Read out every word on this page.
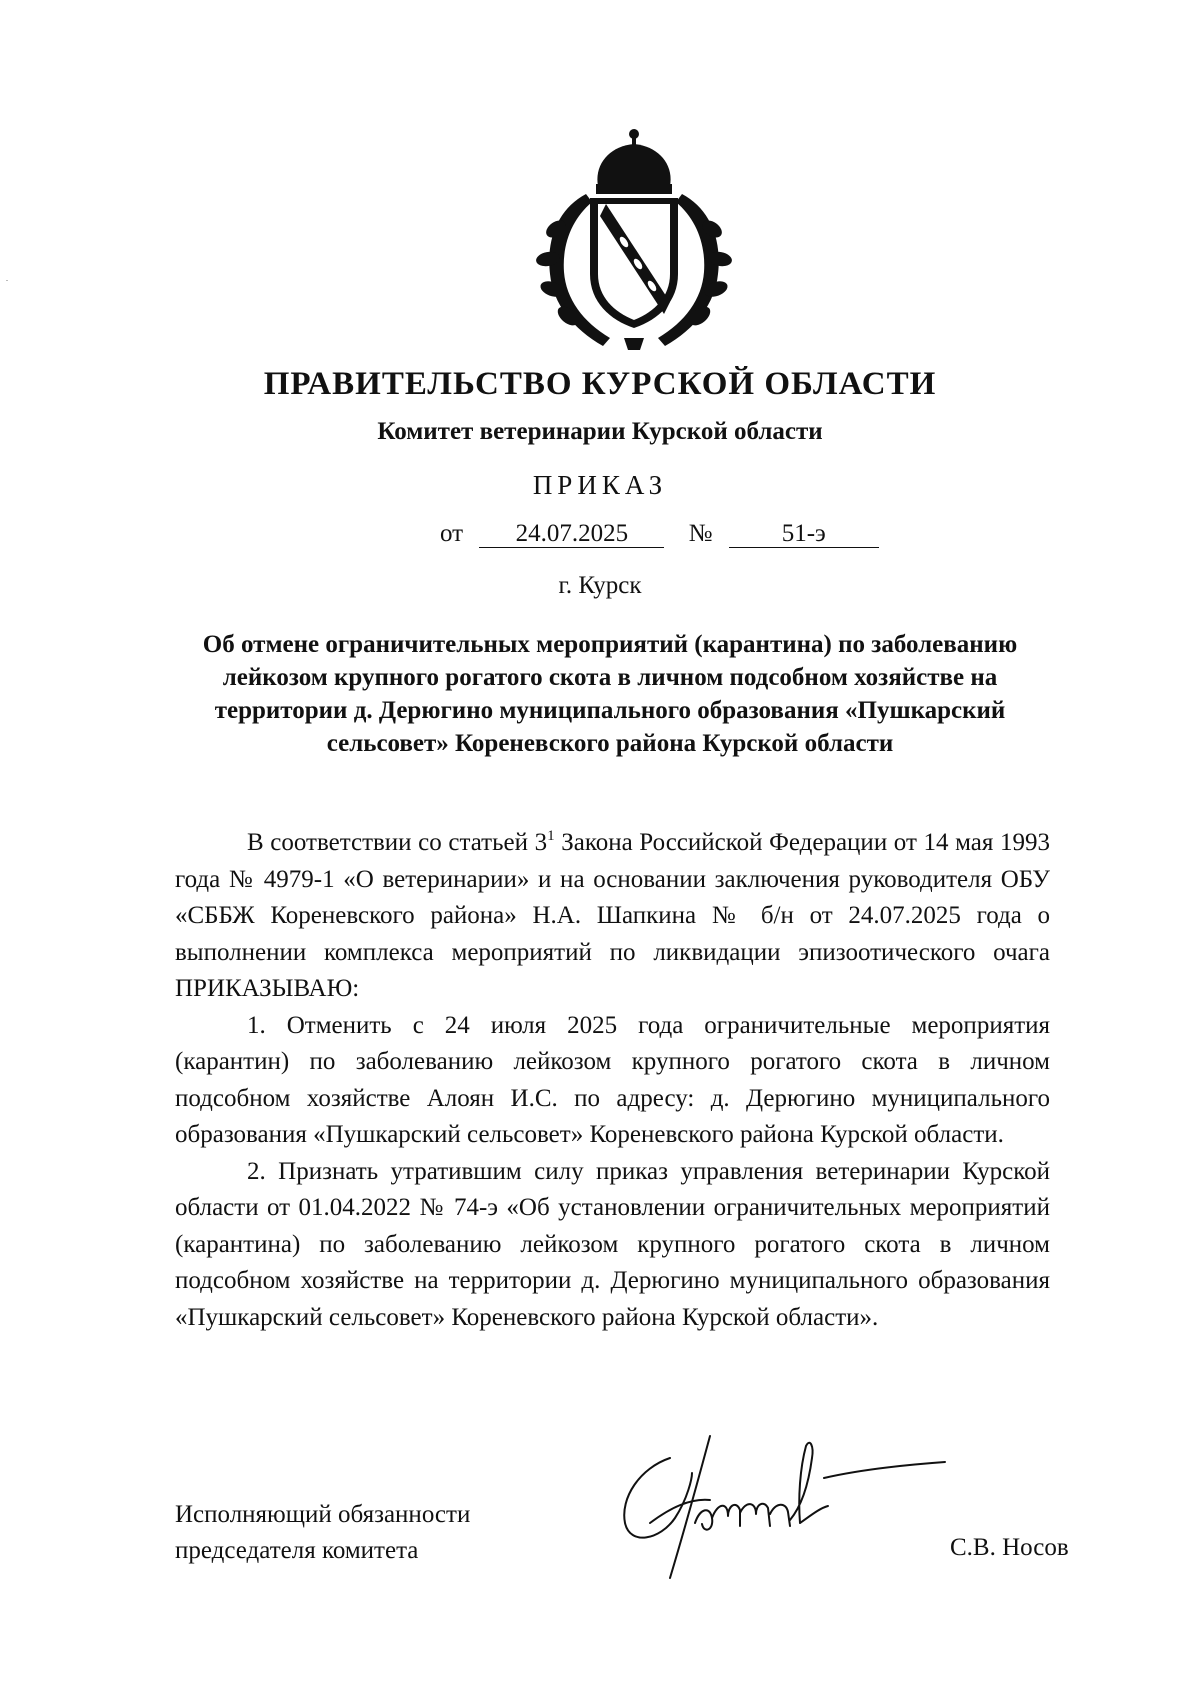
ПРАВИТЕЛЬСТВО КУРСКОЙ ОБЛАСТИ
Комитет ветеринарии Курской области
ПРИКАЗ
от 24.07.2025 №	51-э
г. Курск
Об отмене ограничительных мероприятий (карантина) по заболеванию лейкозом крупного рогатого скота в личном подсобном хозяйстве на территории д. Дерюгино муниципального образования «Пушкарский сельсовет» Кореневского района Курской области

В соответствии со статьей $3^1$ Закона Российской Федерации от 14 мая 1993 года № 4979-1 «О ветеринарии» и на основании заключения руководителя ОБУ «СББЖ Кореневского района» Н.А. Шапкина № б/н от 24.07.2025 года о выполнении комплекса мероприятий по ликвидации эпизоотического очага ПРИКАЗЫВАЮ:

1. Отменить с 24 июля 2025 года ограничительные мероприятия (карантин) по заболеванию лейкозом крупного рогатого скота в личном подсобном хозяйстве Алоян И.С. по адресу: д. Дерюгино муниципального образования «Пушкарский сельсовет» Кореневского района Курской области.

2. Признать утратившим силу приказ управления ветеринарии Курской области от 01.04.2022 № 74-э «Об установлении ограничительных мероприятий (карантина) по заболеванию лейкозом крупного рогатого скота в личном подсобном хозяйстве на территории д. Дерюгино муниципального образования «Пушкарский сельсовет» Кореневского района Курской области».

Исполняющий обязанности
председателя комитета	С.В. Носов
